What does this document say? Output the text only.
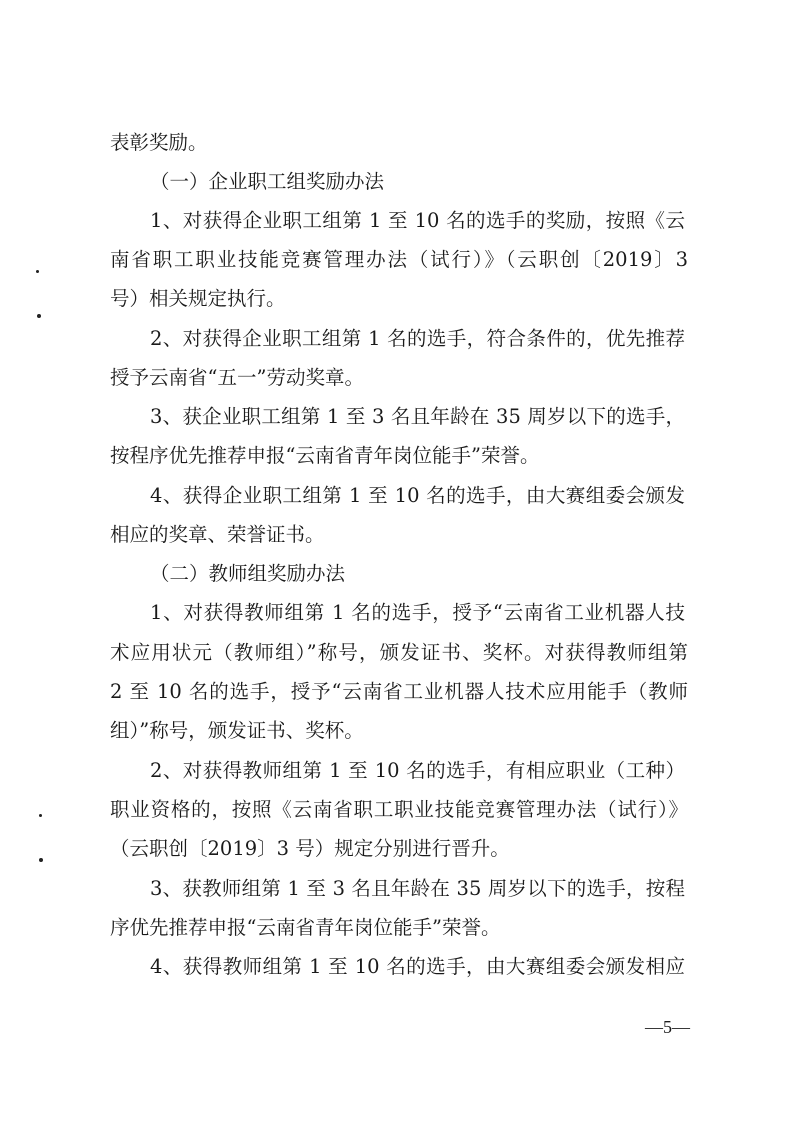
表彰奖励。
（一）企业职工组奖励办法
1、对获得企业职工组第 1 至 10 名的选手的奖励，按照《云
南省职工职业技能竞赛管理办法（试行）》（云职创〔2019〕3
号）相关规定执行。
2、对获得企业职工组第 1 名的选手，符合条件的，优先推荐
授予云南省“五一”劳动奖章。
3、获企业职工组第 1 至 3 名且年龄在 35 周岁以下的选手，
按程序优先推荐申报“云南省青年岗位能手”荣誉。
4、获得企业职工组第 1 至 10 名的选手，由大赛组委会颁发
相应的奖章、荣誉证书。
（二）教师组奖励办法
1、对获得教师组第 1 名的选手，授予“云南省工业机器人技
术应用状元（教师组）”称号，颁发证书、奖杯。对获得教师组第
2 至 10 名的选手，授予“云南省工业机器人技术应用能手（教师
组）”称号，颁发证书、奖杯。
2、对获得教师组第 1 至 10 名的选手，有相应职业（工种）
职业资格的，按照《云南省职工职业技能竞赛管理办法（试行）》
（云职创〔2019〕3 号）规定分别进行晋升。
3、获教师组第 1 至 3 名且年龄在 35 周岁以下的选手，按程
序优先推荐申报“云南省青年岗位能手”荣誉。
4、获得教师组第 1 至 10 名的选手，由大赛组委会颁发相应
—5—
